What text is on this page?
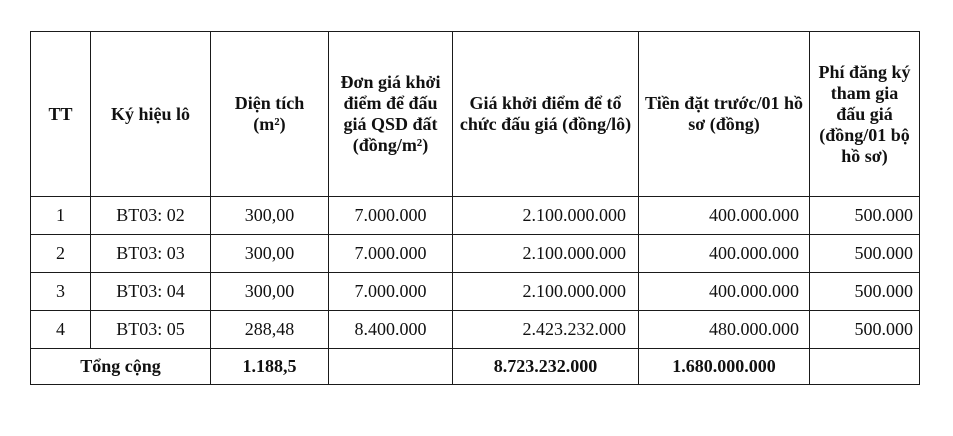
TT	Ký hiệu lô	Diện tích (m²)	Đơn giá khởi điểm để đấu giá QSD đất (đồng/m²)	Giá khởi điểm để tổ chức đấu giá (đồng/lô)	Tiền đặt trước/01 hồ sơ (đồng)	Phí đăng ký tham gia đấu giá (đồng/01 bộ hồ sơ)
1	BT03: 02	300,00	7.000.000	2.100.000.000	400.000.000	500.000
2	BT03: 03	300,00	7.000.000	2.100.000.000	400.000.000	500.000
3	BT03: 04	300,00	7.000.000	2.100.000.000	400.000.000	500.000
4	BT03: 05	288,48	8.400.000	2.423.232.000	480.000.000	500.000
Tổng cộng		1.188,5		8.723.232.000	1.680.000.000	
